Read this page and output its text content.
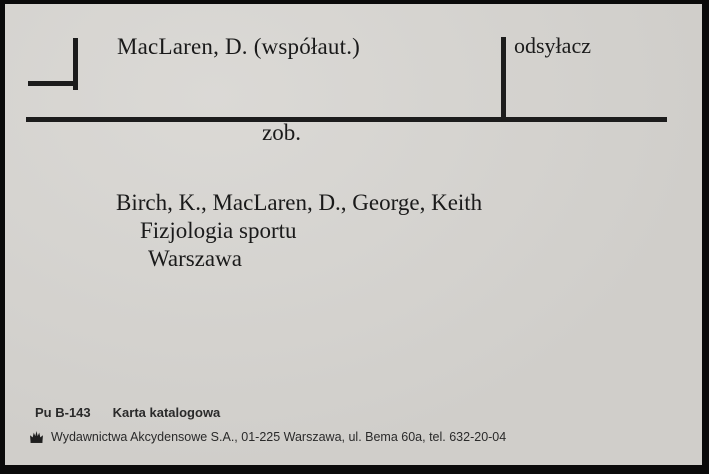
MacLaren, D. (współaut.)	odsyłacz
zob.
Birch, K., MacLaren, D., George, Keith
Fizjologia sportu
Warszawa
Pu B-143 Karta katalogowa
Wydawnictwa Akcydensowe S.A., 01-225 Warszawa, ul. Bema 60a, tel. 632-20-04
